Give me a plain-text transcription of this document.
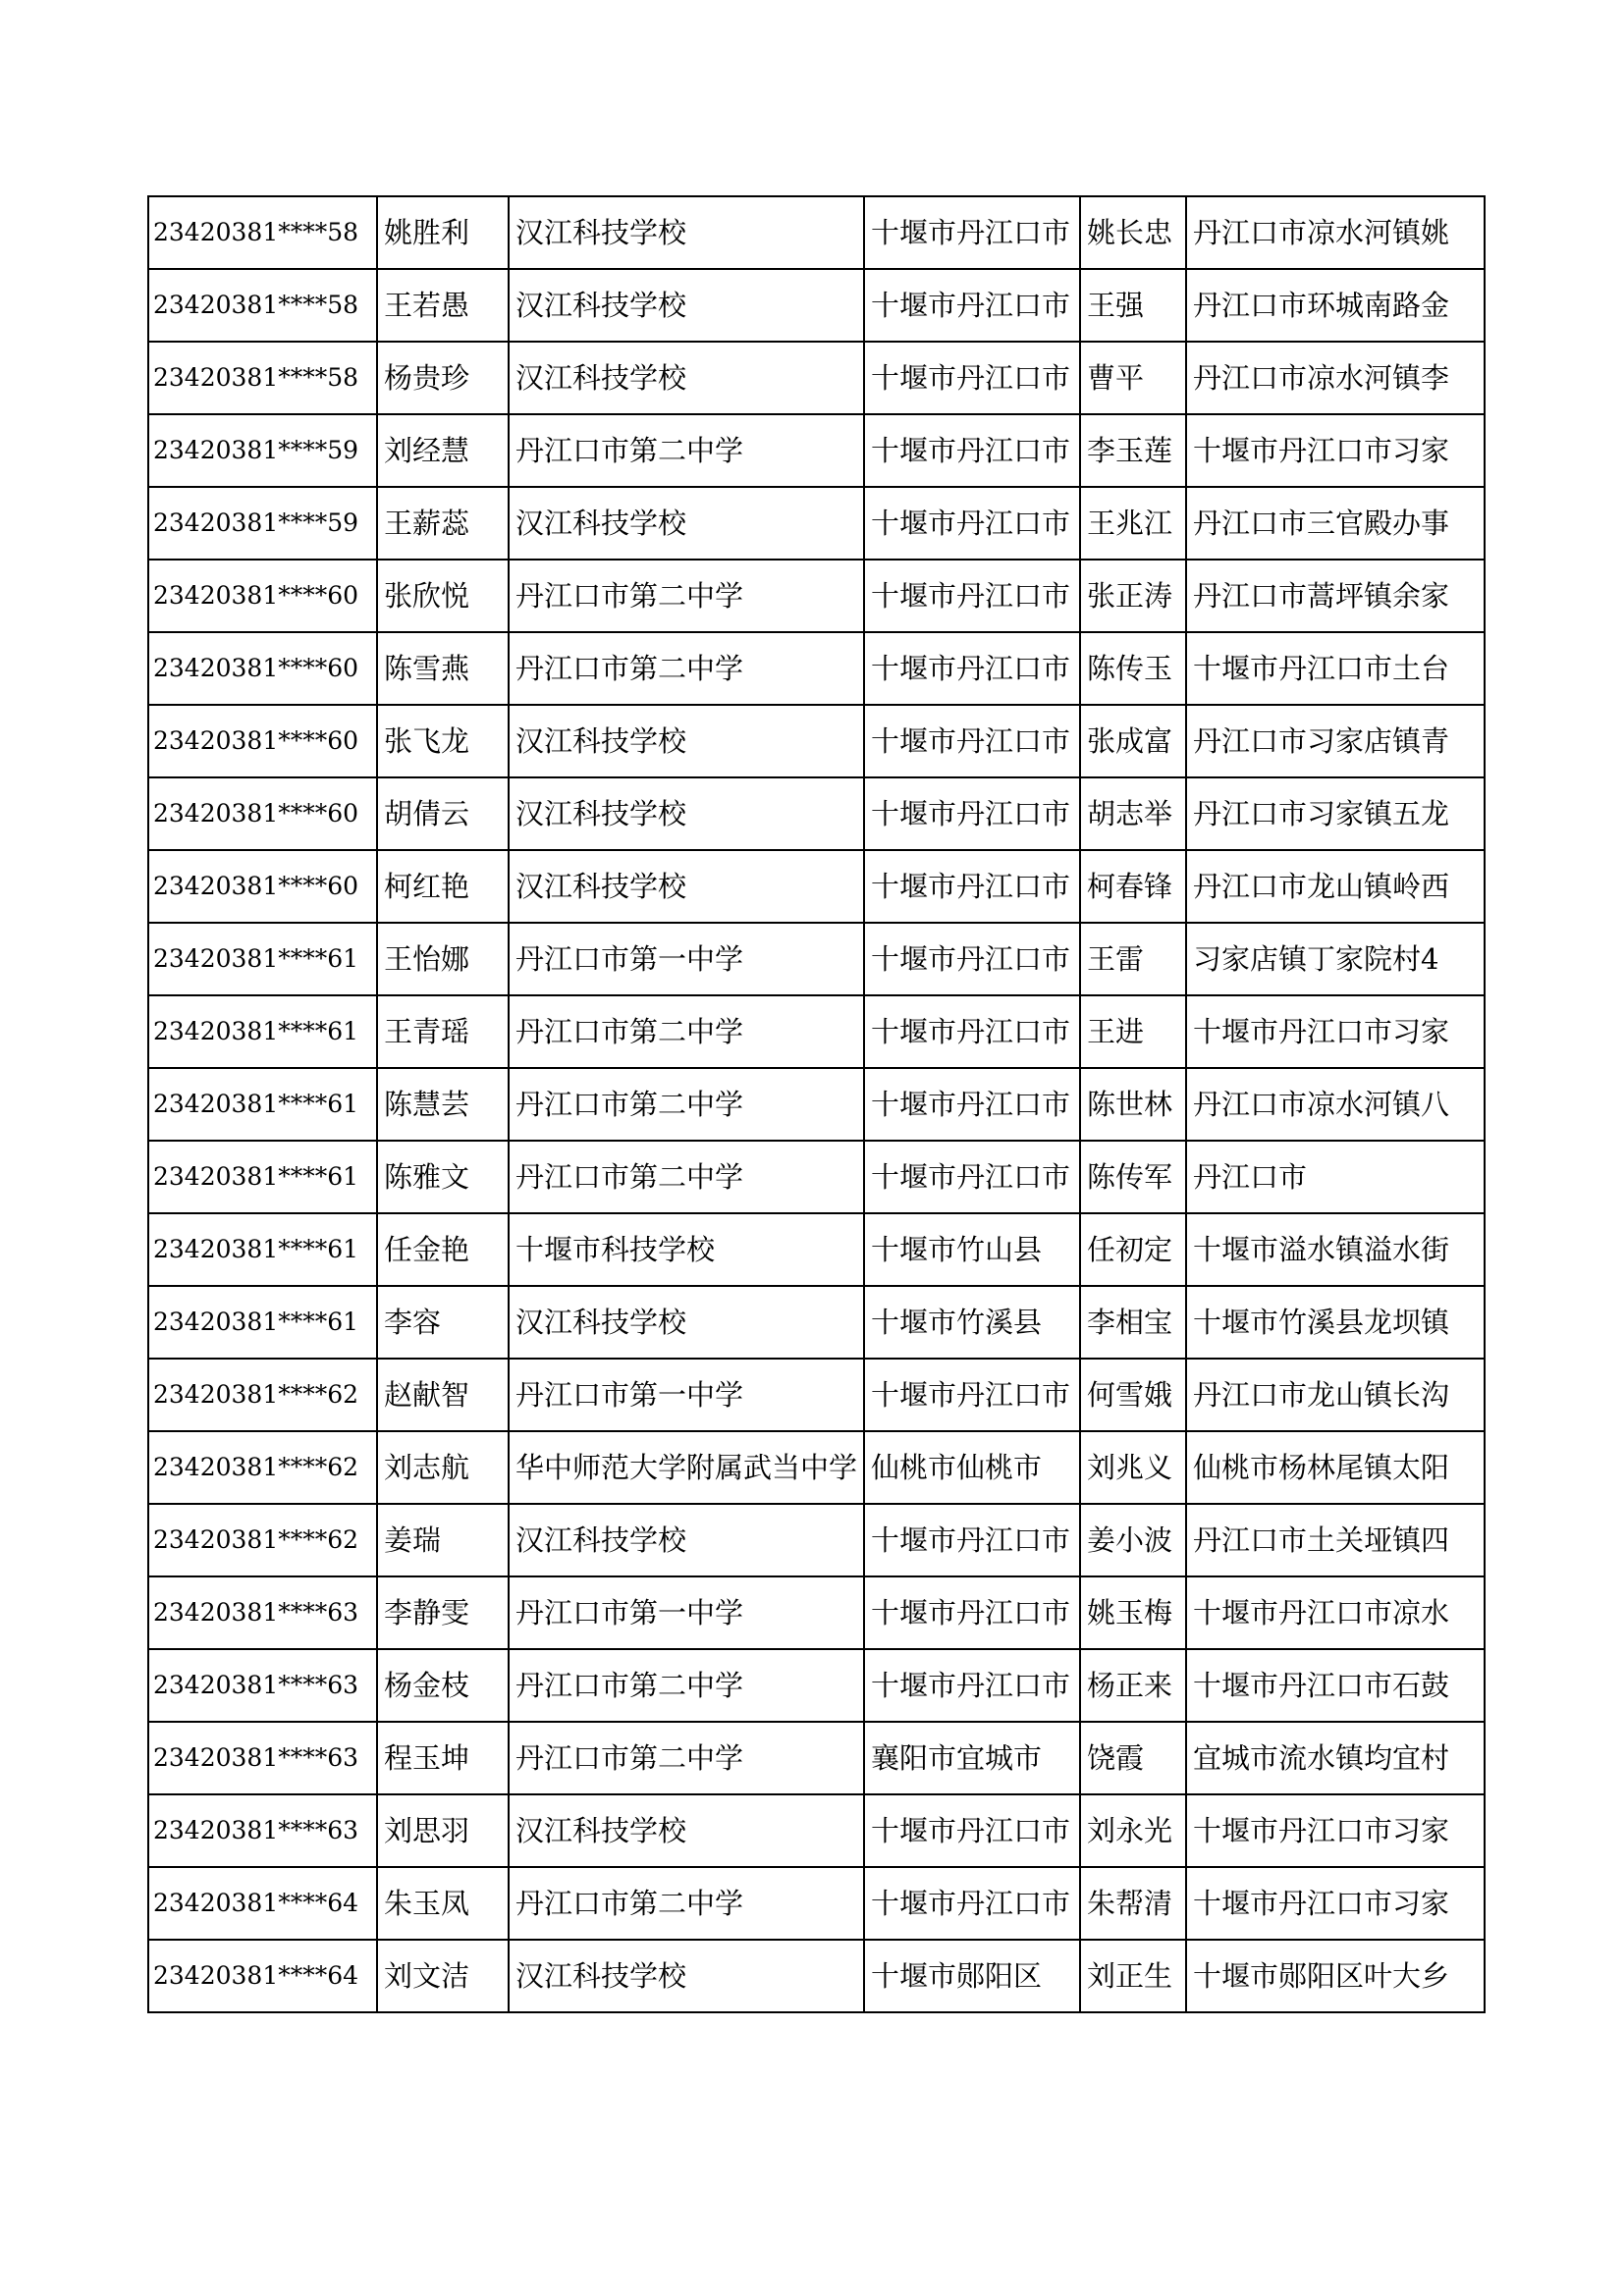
23420381****58	姚胜利	汉江科技学校	十堰市丹江口市	姚长忠	丹江口市凉水河镇姚
23420381****58	王若愚	汉江科技学校	十堰市丹江口市	王强	丹江口市环城南路金
23420381****58	杨贵珍	汉江科技学校	十堰市丹江口市	曹平	丹江口市凉水河镇李
23420381****59	刘经慧	丹江口市第二中学	十堰市丹江口市	李玉莲	十堰市丹江口市习家
23420381****59	王薪蕊	汉江科技学校	十堰市丹江口市	王兆江	丹江口市三官殿办事
23420381****60	张欣悦	丹江口市第二中学	十堰市丹江口市	张正涛	丹江口市蒿坪镇余家
23420381****60	陈雪燕	丹江口市第二中学	十堰市丹江口市	陈传玉	十堰市丹江口市土台
23420381****60	张飞龙	汉江科技学校	十堰市丹江口市	张成富	丹江口市习家店镇青
23420381****60	胡倩云	汉江科技学校	十堰市丹江口市	胡志举	丹江口市习家镇五龙
23420381****60	柯红艳	汉江科技学校	十堰市丹江口市	柯春锋	丹江口市龙山镇岭西
23420381****61	王怡娜	丹江口市第一中学	十堰市丹江口市	王雷	习家店镇丁家院村4
23420381****61	王青瑶	丹江口市第二中学	十堰市丹江口市	王进	十堰市丹江口市习家
23420381****61	陈慧芸	丹江口市第二中学	十堰市丹江口市	陈世林	丹江口市凉水河镇八
23420381****61	陈雅文	丹江口市第二中学	十堰市丹江口市	陈传军	丹江口市
23420381****61	任金艳	十堰市科技学校	十堰市竹山县	任初定	十堰市溢水镇溢水街
23420381****61	李容	汉江科技学校	十堰市竹溪县	李相宝	十堰市竹溪县龙坝镇
23420381****62	赵献智	丹江口市第一中学	十堰市丹江口市	何雪娥	丹江口市龙山镇长沟
23420381****62	刘志航	华中师范大学附属武当中学	仙桃市仙桃市	刘兆义	仙桃市杨林尾镇太阳
23420381****62	姜瑞	汉江科技学校	十堰市丹江口市	姜小波	丹江口市土关垭镇四
23420381****63	李静雯	丹江口市第一中学	十堰市丹江口市	姚玉梅	十堰市丹江口市凉水
23420381****63	杨金枝	丹江口市第二中学	十堰市丹江口市	杨正来	十堰市丹江口市石鼓
23420381****63	程玉坤	丹江口市第二中学	襄阳市宜城市	饶霞	宜城市流水镇均宜村
23420381****63	刘思羽	汉江科技学校	十堰市丹江口市	刘永光	十堰市丹江口市习家
23420381****64	朱玉凤	丹江口市第二中学	十堰市丹江口市	朱帮清	十堰市丹江口市习家
23420381****64	刘文洁	汉江科技学校	十堰市郧阳区	刘正生	十堰市郧阳区叶大乡
